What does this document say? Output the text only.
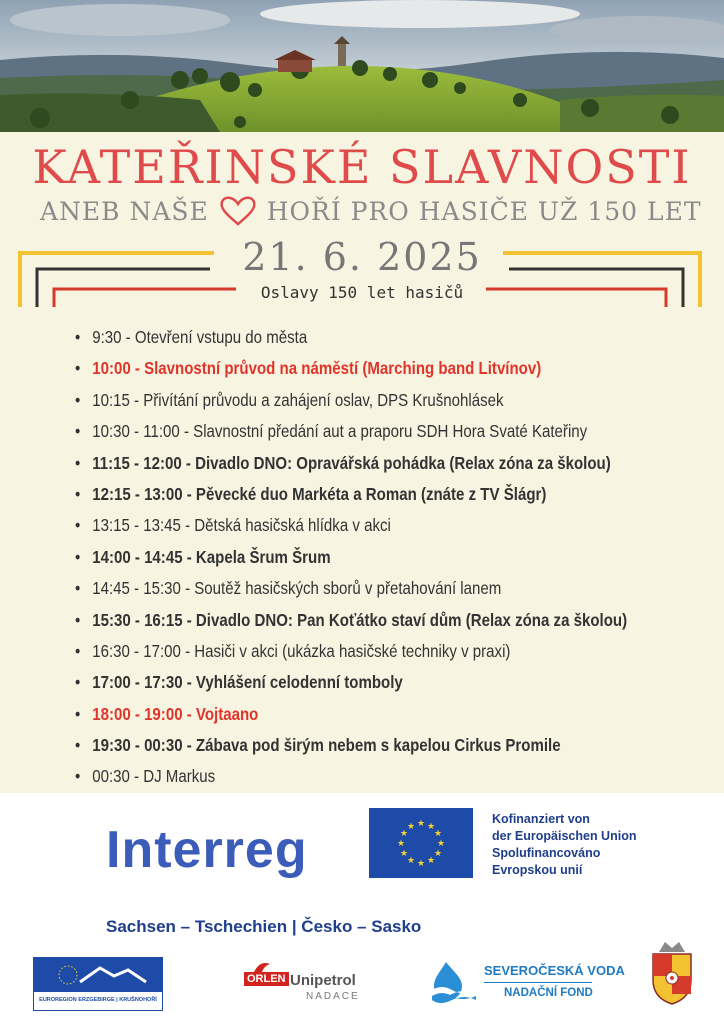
KATEŘINSKÉ SLAVNOSTI
ANEB NAŠE HOŘÍ PRO HASIČE UŽ 150 LET
21. 6. 2025
Oslavy 150 let hasičů
• 9:30 - Otevření vstupu do města
• 10:00 - Slavnostní průvod na náměstí (Marching band Litvínov)
• 10:15 - Přivítání průvodu a zahájení oslav, DPS Krušnohlásek
• 10:30 - 11:00 - Slavnostní předání aut a praporu SDH Hora Svaté Kateřiny
• 11:15 - 12:00 - Divadlo DNO: Opravářská pohádka (Relax zóna za školou)
• 12:15 - 13:00 - Pěvecké duo Markéta a Roman (znáte z TV Šlágr)
• 13:15 - 13:45 - Dětská hasičská hlídka v akci
• 14:00 - 14:45 - Kapela Šrum Šrum
• 14:45 - 15:30 - Soutěž hasičských sborů v přetahování lanem
• 15:30 - 16:15 - Divadlo DNO: Pan Koťátko staví dům (Relax zóna za školou)
• 16:30 - 17:00 - Hasiči v akci (ukázka hasičské techniky v praxi)
• 17:00 - 17:30 - Vyhlášení celodenní tomboly
• 18:00 - 19:00 - Vojtaano
• 19:30 - 00:30 - Zábava pod širým nebem s kapelou Cirkus Promile
• 00:30 - DJ Markus
Interreg	★ ★
★
★
★
★
★
★
★
★
★
★
Kofinanziert von
der Europäischen Union
Spolufinancováno
Evropskou unií
Sachsen – Tschechien | Česko – Sasko
EUROREGION ERZGEBIRGE | KRUŠNOHOŘÍ
ORLEN Unipetrol
NADACE
SEVEROČESKÁ VODA
NADAČNÍ FOND
